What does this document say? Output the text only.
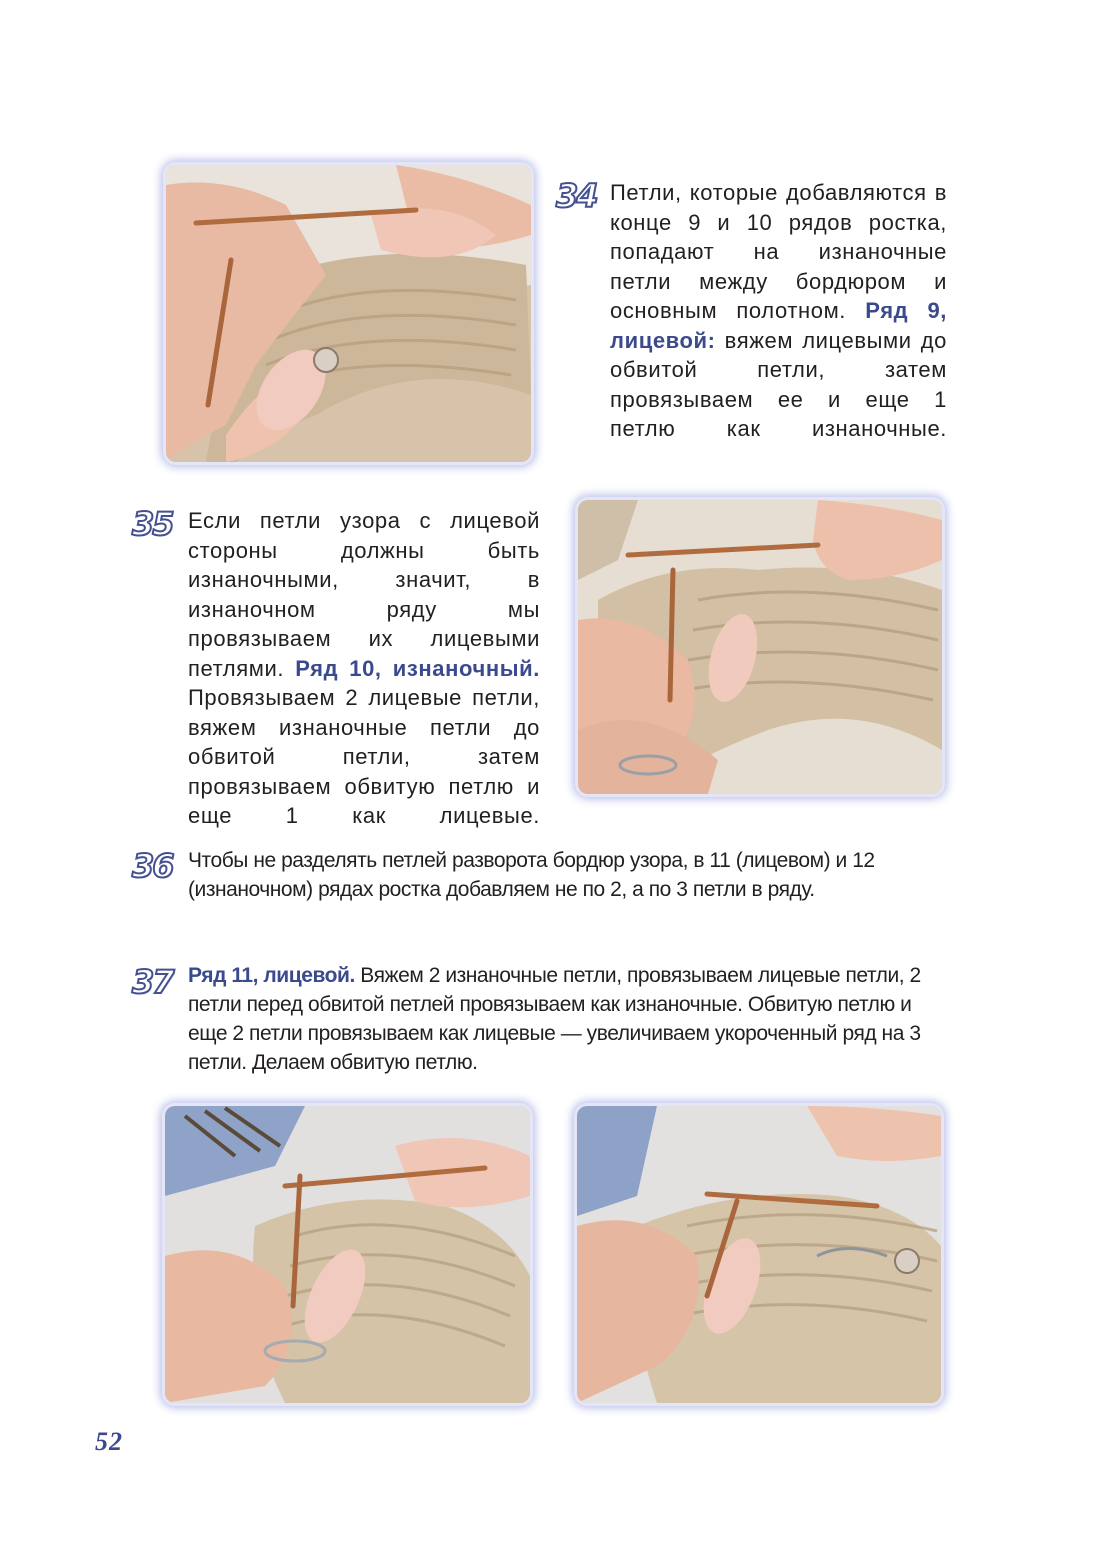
34 Петли, которые добавляются в конце 9 и 10 рядов ростка, попадают на изнаночные петли между бордюром и основным полотном. Ряд 9, лицевой: вяжем лицевыми до обвитой петли, затем провязываем ее и еще 1 петлю как изнаночные.

35 Если петли узора с лицевой стороны должны быть изнаночными, значит, в изнаночном ряду мы провязываем их лицевыми петлями. Ряд 10, изнаночный. Провязываем 2 лицевые петли, вяжем изнаночные петли до обвитой петли, затем провязываем обвитую петлю и еще 1 как лицевые.

36 Чтобы не разделять петлей разворота бордюр узора, в 11 (лицевом) и 12 (изнаночном) рядах ростка добавляем не по 2, а по 3 петли в ряду.

37 Ряд 11, лицевой. Вяжем 2 изнаночные петли, провязываем лицевые петли, 2 петли перед обвитой петлей провязываем как изнаночные. Обвитую петлю и еще 2 петли провязываем как лицевые — увеличиваем укороченный ряд на 3 петли. Делаем обвитую петлю.

52
